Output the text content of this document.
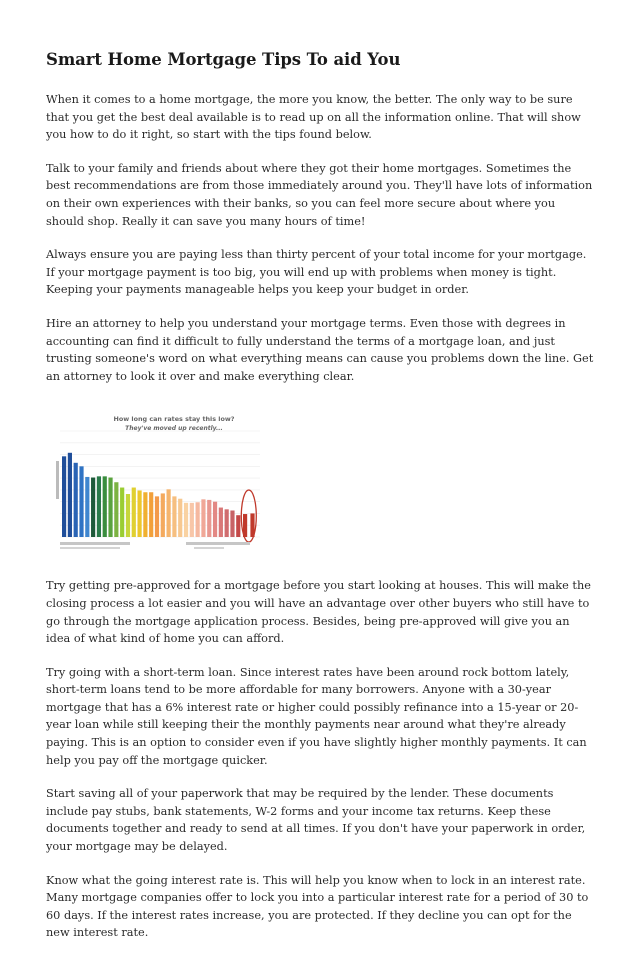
Smart Home Mortgage Tips To aid You

When it comes to a home mortgage, the more you know, the better. The only way to be sure that you get the best deal available is to read up on all the information online. That will show you how to do it right, so start with the tips found below.

Talk to your family and friends about where they got their home mortgages. Sometimes the best recommendations are from those immediately around you. They'll have lots of information on their own experiences with their banks, so you can feel more secure about where you should shop. Really it can save you many hours of time!

Always ensure you are paying less than thirty percent of your total income for your mortgage. If your mortgage payment is too big, you will end up with problems when money is tight. Keeping your payments manageable helps you keep your budget in order.

Hire an attorney to help you understand your mortgage terms. Even those with degrees in accounting can find it difficult to fully understand the terms of a mortgage loan, and just trusting someone's word on what everything means can cause you problems down the line. Get an attorney to look it over and make everything clear.

How long can rates stay this low?
They've moved up recently...

Try getting pre-approved for a mortgage before you start looking at houses. This will make the closing process a lot easier and you will have an advantage over other buyers who still have to go through the mortgage application process. Besides, being pre-approved will give you an idea of what kind of home you can afford.

Try going with a short-term loan. Since interest rates have been around rock bottom lately, short-term loans tend to be more affordable for many borrowers. Anyone with a 30-year mortgage that has a 6% interest rate or higher could possibly refinance into a 15-year or 20-year loan while still keeping their the monthly payments near around what they're already paying. This is an option to consider even if you have slightly higher monthly payments. It can help you pay off the mortgage quicker.

Start saving all of your paperwork that may be required by the lender. These documents include pay stubs, bank statements, W-2 forms and your income tax returns. Keep these documents together and ready to send at all times. If you don't have your paperwork in order, your mortgage may be delayed.

Know what the going interest rate is. This will help you know when to lock in an interest rate. Many mortgage companies offer to lock you into a particular interest rate for a period of 30 to 60 days. If the interest rates increase, you are protected. If they decline you can opt for the new interest rate.
